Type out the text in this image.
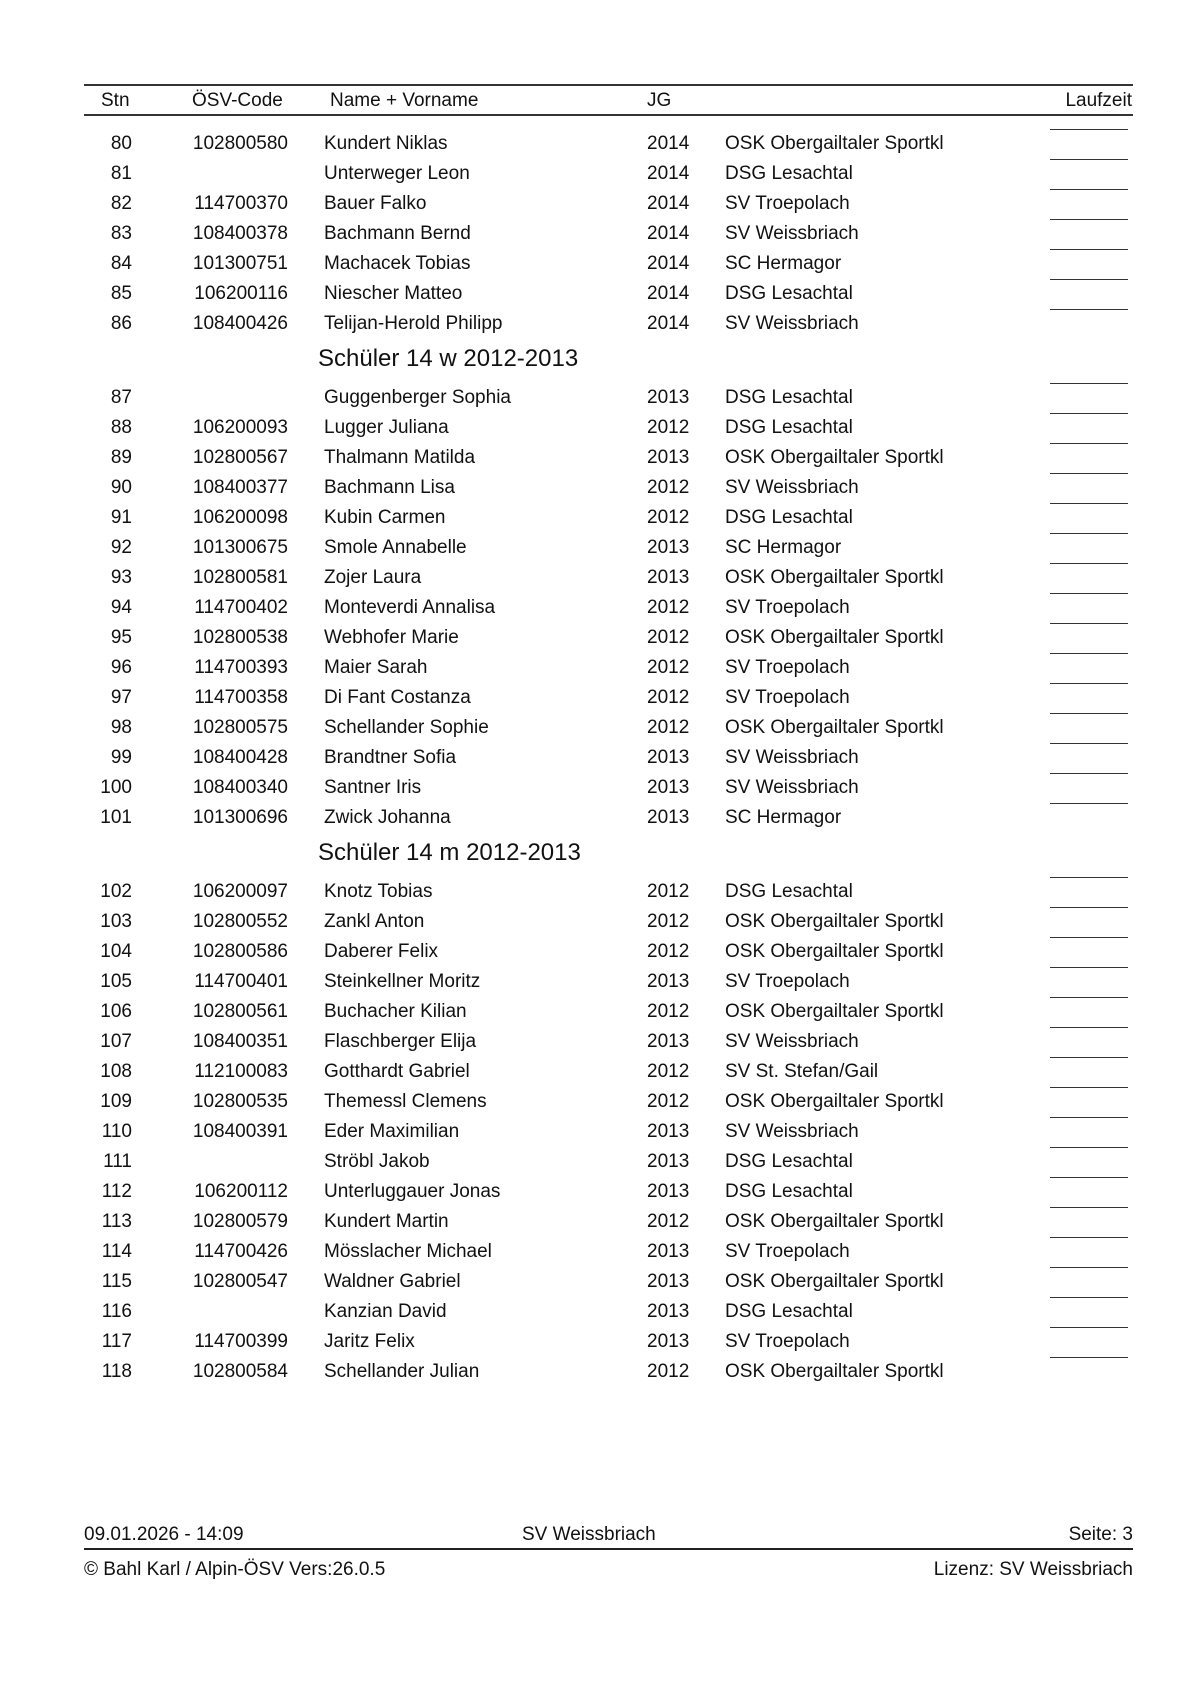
Stn	ÖSV-Code Name + Vorname	JG	Laufzeit
80	102800580 Kundert Niklas	2014 OSK Obergailtaler Sportkl
81	Unterweger Leon	2014 DSG Lesachtal
82	114700370 Bauer Falko	2014 SV Troepolach
83	108400378 Bachmann Bernd	2014 SV Weissbriach
84	101300751 Machacek Tobias	2014 SC Hermagor
85	106200116 Niescher Matteo	2014 DSG Lesachtal
86	108400426 Telijan-Herold Philipp	2014 SV Weissbriach
Schüler 14 w 2012-2013
87	Guggenberger Sophia	2013 DSG Lesachtal
88	106200093 Lugger Juliana	2012 DSG Lesachtal
89	102800567 Thalmann Matilda	2013 OSK Obergailtaler Sportkl
90	108400377 Bachmann Lisa	2012 SV Weissbriach
91	106200098 Kubin Carmen	2012 DSG Lesachtal
92	101300675 Smole Annabelle	2013 SC Hermagor
93	102800581 Zojer Laura	2013 OSK Obergailtaler Sportkl
94	114700402 Monteverdi Annalisa	2012 SV Troepolach
95	102800538 Webhofer Marie	2012 OSK Obergailtaler Sportkl
96	114700393 Maier Sarah	2012 SV Troepolach
97	114700358 Di Fant Costanza	2012 SV Troepolach
98	102800575 Schellander Sophie	2012 OSK Obergailtaler Sportkl
99	108400428 Brandtner Sofia	2013 SV Weissbriach
100	108400340 Santner Iris	2013 SV Weissbriach
101	101300696 Zwick Johanna	2013 SC Hermagor
Schüler 14 m 2012-2013
102	106200097 Knotz Tobias	2012 DSG Lesachtal
103	102800552 Zankl Anton	2012 OSK Obergailtaler Sportkl
104	102800586 Daberer Felix	2012 OSK Obergailtaler Sportkl
105	114700401 Steinkellner Moritz	2013 SV Troepolach
106	102800561 Buchacher Kilian	2012 OSK Obergailtaler Sportkl
107	108400351 Flaschberger Elija	2013 SV Weissbriach
108	112100083 Gotthardt Gabriel	2012 SV St. Stefan/Gail
109	102800535 Themessl Clemens	2012 OSK Obergailtaler Sportkl
110	108400391 Eder Maximilian	2013 SV Weissbriach
111	Ströbl Jakob	2013 DSG Lesachtal
112	106200112 Unterluggauer Jonas	2013 DSG Lesachtal
113	102800579 Kundert Martin	2012 OSK Obergailtaler Sportkl
114	114700426 Mösslacher Michael	2013 SV Troepolach
115	102800547 Waldner Gabriel	2013 OSK Obergailtaler Sportkl
116	Kanzian David	2013 DSG Lesachtal
117	114700399 Jaritz Felix	2013 SV Troepolach
118	102800584 Schellander Julian	2012 OSK Obergailtaler Sportkl
09.01.2026 - 14:09	SV Weissbriach	Seite: 3
© Bahl Karl / Alpin-ÖSV Vers:26.0.5	Lizenz: SV Weissbriach
